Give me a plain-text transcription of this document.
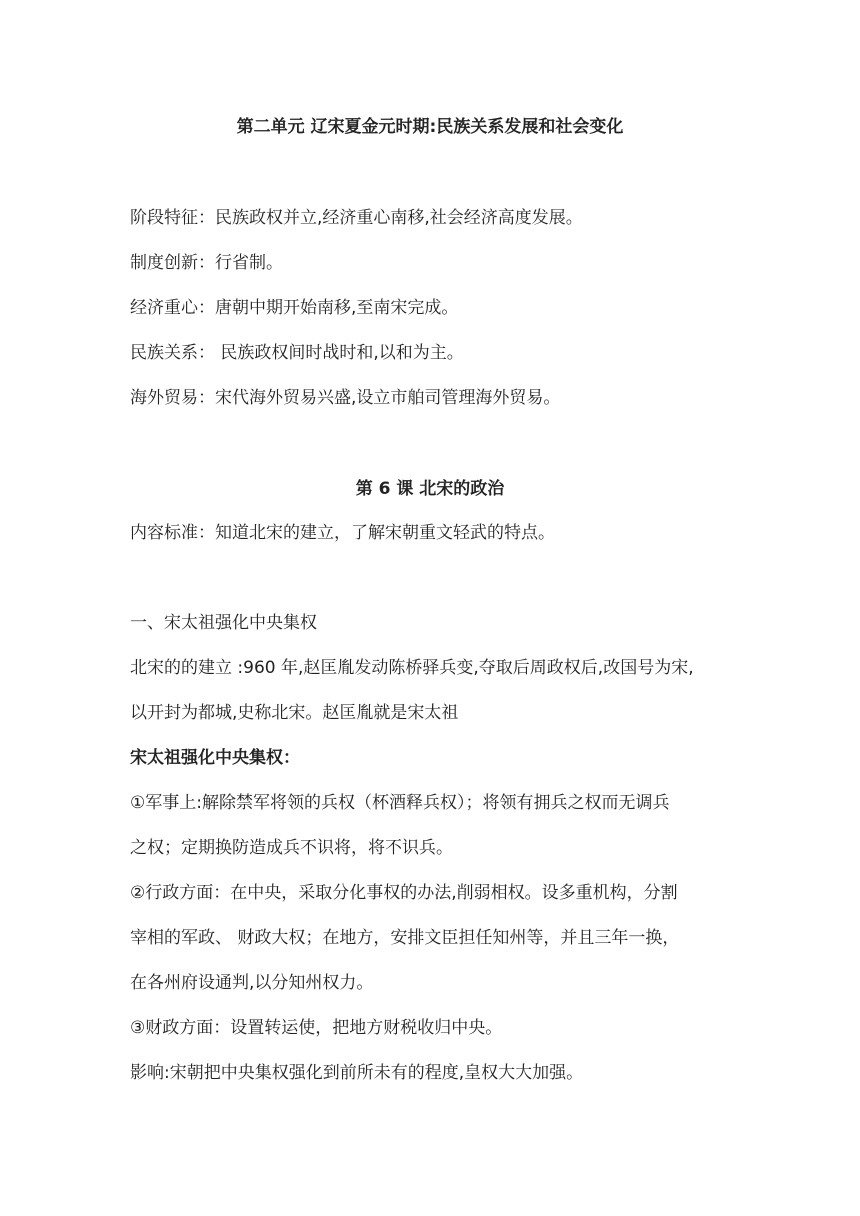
第二单元 辽宋夏金元时期:民族关系发展和社会变化
阶段特征：民族政权并立,经济重心南移,社会经济高度发展。
制度创新：行省制。
经济重心：唐朝中期开始南移,至南宋完成。
民族关系： 民族政权间时战时和,以和为主。
海外贸易：宋代海外贸易兴盛,设立市舶司管理海外贸易。
第 6 课 北宋的政治
内容标准：知道北宋的建立，了解宋朝重文轻武的特点。
一、宋太祖强化中央集权
北宋的的建立 :960 年,赵匡胤发动陈桥驿兵变,夺取后周政权后,改国号为宋,
以开封为都城,史称北宋。赵匡胤就是宋太祖
宋太祖强化中央集权：
①军事上:解除禁军将领的兵权（杯酒释兵权）；将领有拥兵之权而无调兵
之权；定期换防造成兵不识将，将不识兵。
②行政方面：在中央，采取分化事权的办法,削弱相权。设多重机构，分割
宰相的军政、 财政大权；在地方，安排文臣担任知州等，并且三年一换，
在各州府设通判,以分知州权力。
③财政方面：设置转运使，把地方财税收归中央。
影响:宋朝把中央集权强化到前所未有的程度,皇权大大加强。
